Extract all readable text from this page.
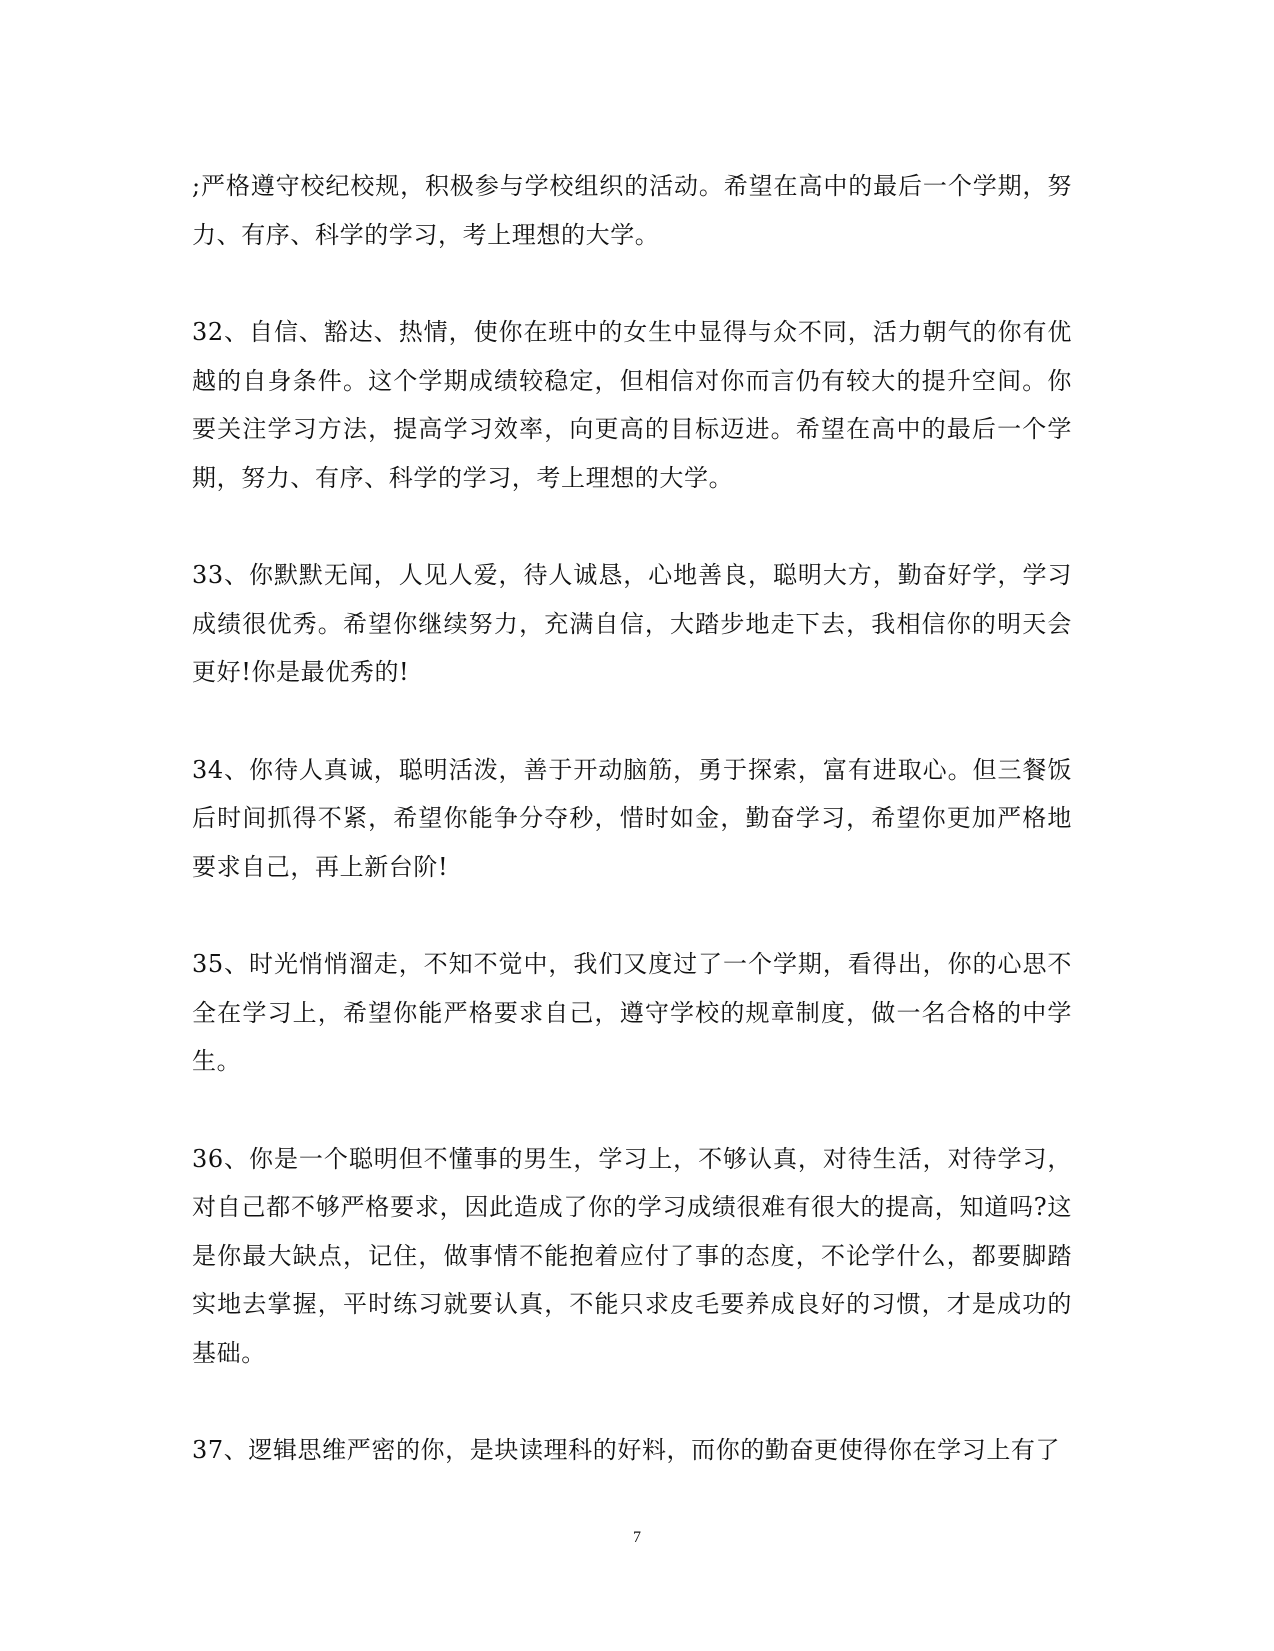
;严格遵守校纪校规，积极参与学校组织的活动。希望在高中的最后一个学期，努力、有序、科学的学习，考上理想的大学。

32、自信、豁达、热情，使你在班中的女生中显得与众不同，活力朝气的你有优越的自身条件。这个学期成绩较稳定，但相信对你而言仍有较大的提升空间。你要关注学习方法，提高学习效率，向更高的目标迈进。希望在高中的最后一个学期，努力、有序、科学的学习，考上理想的大学。

33、你默默无闻，人见人爱，待人诚恳，心地善良，聪明大方，勤奋好学，学习成绩很优秀。希望你继续努力，充满自信，大踏步地走下去，我相信你的明天会更好!你是最优秀的!

34、你待人真诚，聪明活泼，善于开动脑筋，勇于探索，富有进取心。但三餐饭后时间抓得不紧，希望你能争分夺秒，惜时如金，勤奋学习，希望你更加严格地要求自己，再上新台阶!

35、时光悄悄溜走，不知不觉中，我们又度过了一个学期，看得出，你的心思不全在学习上，希望你能严格要求自己，遵守学校的规章制度，做一名合格的中学生。

36、你是一个聪明但不懂事的男生，学习上，不够认真，对待生活，对待学习，对自己都不够严格要求，因此造成了你的学习成绩很难有很大的提高，知道吗?这是你最大缺点，记住，做事情不能抱着应付了事的态度，不论学什么，都要脚踏实地去掌握，平时练习就要认真，不能只求皮毛要养成良好的习惯，才是成功的基础。

37、逻辑思维严密的你，是块读理科的好料，而你的勤奋更使得你在学习上有了

7
